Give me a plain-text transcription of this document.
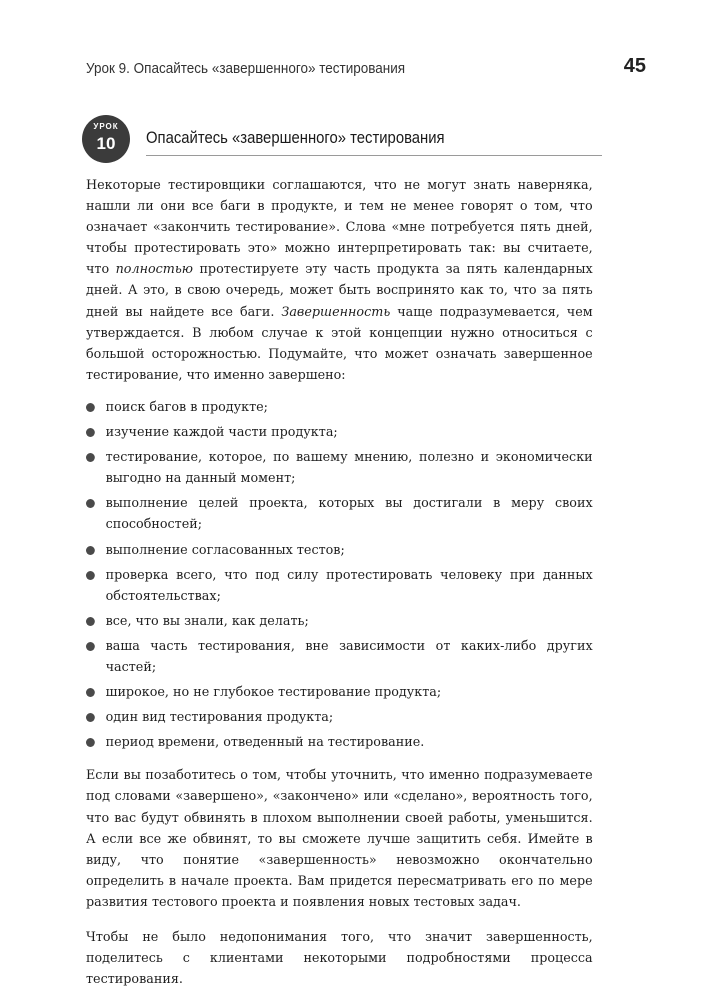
Урок 9. Опасайтесь «завершенного» тестирования	45
УРОК
10	Опасайтесь «завершенного» тестирования

Некоторые тестировщики соглашаются, что не могут знать наверняка, нашли ли они все баги в продукте, и тем не менее говорят о том, что означает «закончить тестирование». Слова «мне потребуется пять дней, чтобы протестировать это» можно интерпретировать так: вы считаете, что полностью протестируете эту часть продукта за пять календарных дней. А это, в свою очередь, может быть воспринято как то, что за пять дней вы найдете все баги. Завершенность чаще подразумевается, чем утверждается. В любом случае к этой концепции нужно относиться с большой осторожностью. Подумайте, что может означать завершенное тестирование, что именно завершено:

поиск багов в продукте;
изучение каждой части продукта;
тестирование, которое, по вашему мнению, полезно и экономически выгодно на данный момент;
выполнение целей проекта, которых вы достигали в меру своих способностей;
выполнение согласованных тестов;
проверка всего, что под силу протестировать человеку при данных обстоятельствах;
все, что вы знали, как делать;
ваша часть тестирования, вне зависимости от каких-либо других частей;
широкое, но не глубокое тестирование продукта;
один вид тестирования продукта;
период времени, отведенный на тестирование.

Если вы позаботитесь о том, чтобы уточнить, что именно подразумеваете под словами «завершено», «закончено» или «сделано», вероятность того, что вас будут обвинять в плохом выполнении своей работы, уменьшится. А если все же обвинят, то вы сможете лучше защитить себя. Имейте в виду, что понятие «завершенность» невозможно окончательно определить в начале проекта. Вам придется пересматривать его по мере развития тестового проекта и появления новых тестовых задач.

Чтобы не было недопонимания того, что значит завершенность, поделитесь с клиентами некоторыми подробностями процесса тестирования.
